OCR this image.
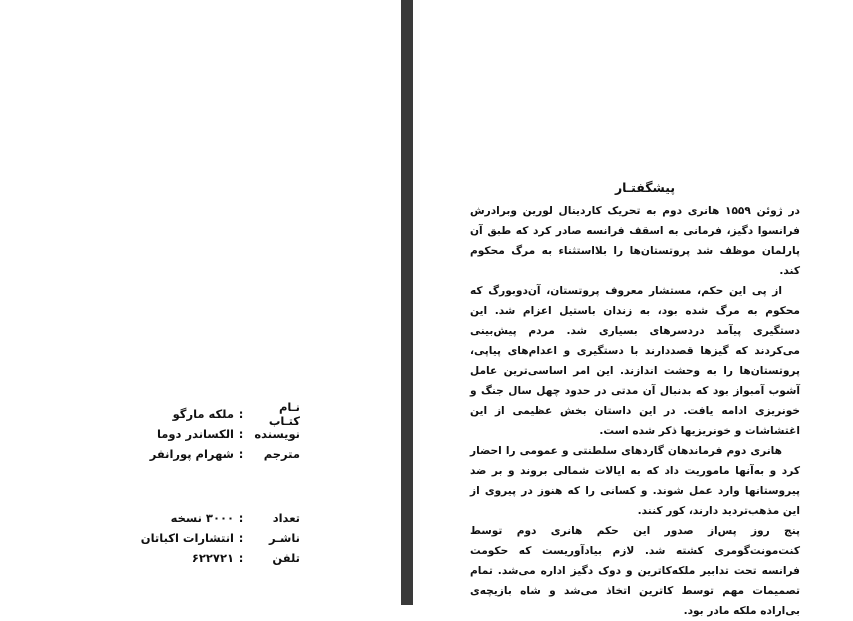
نـام کتـاب
:
ملکه مارگو
نویسنده
:
الکساندر دوما
مترجم
:
شهرام پورانفر
تعداد
:
۳۰۰۰ نسخه
ناشـر
:
انتشارات اکباتان
تلفن
:
۶۲۲۷۲۱
پیشگفتـار

در ژوئن ۱۵۵۹ هانری دوم به تحریک کاردینال لورین وبرادرش فرانسوا دگیز، فرمانی به اسقف فرانسه صادر کرد که طبق آن پارلمان موظف شد پروتستان‌ها را بلااستثناء به مرگ محکوم کند.

از پی این حکم، مستشار معروف پروتستان، آن‌دوبورگ که محکوم به مرگ شده بود، به زندان باستیل اعزام شد. این دستگیری پیآمد دردسرهای بسیاری شد. مردم پیش‌بینی می‌کردند که گیزها قصددارند با دستگیری و اعدام‌های پیاپی، پروتستان‌ها را به وحشت اندازند. این امر اساسی‌ترین عامل آشوب آمبواز بود که بدنبال آن مدتی در حدود چهل سال جنگ و خونریزی ادامه یافت. در این داستان بخش عظیمی از این اغتشاشات و خونریزیها ذکر شده است.

هانری دوم فرماندهان گاردهای سلطنتی و عمومی را احضار کرد و به‌آنها ماموریت داد که به ایالات شمالی بروند و بر ضد پیروستانها وارد عمل شوند. و کسانی را که هنوز در پیروی از این مذهب‌تردید دارند، کور کنند.

پنج روز پس‌از صدور این حکم هانری دوم توسط کنت‌مونت‌گومری کشته شد. لازم بیادآوریست که حکومت فرانسه تحت تدابیر ملکه‌کاترین و دوک دگیز اداره می‌شد. تمام تصمیمات مهم توسط کاترین اتخاذ می‌شد و شاه بازیچه‌ی بی‌اراده ملکه مادر بود.
